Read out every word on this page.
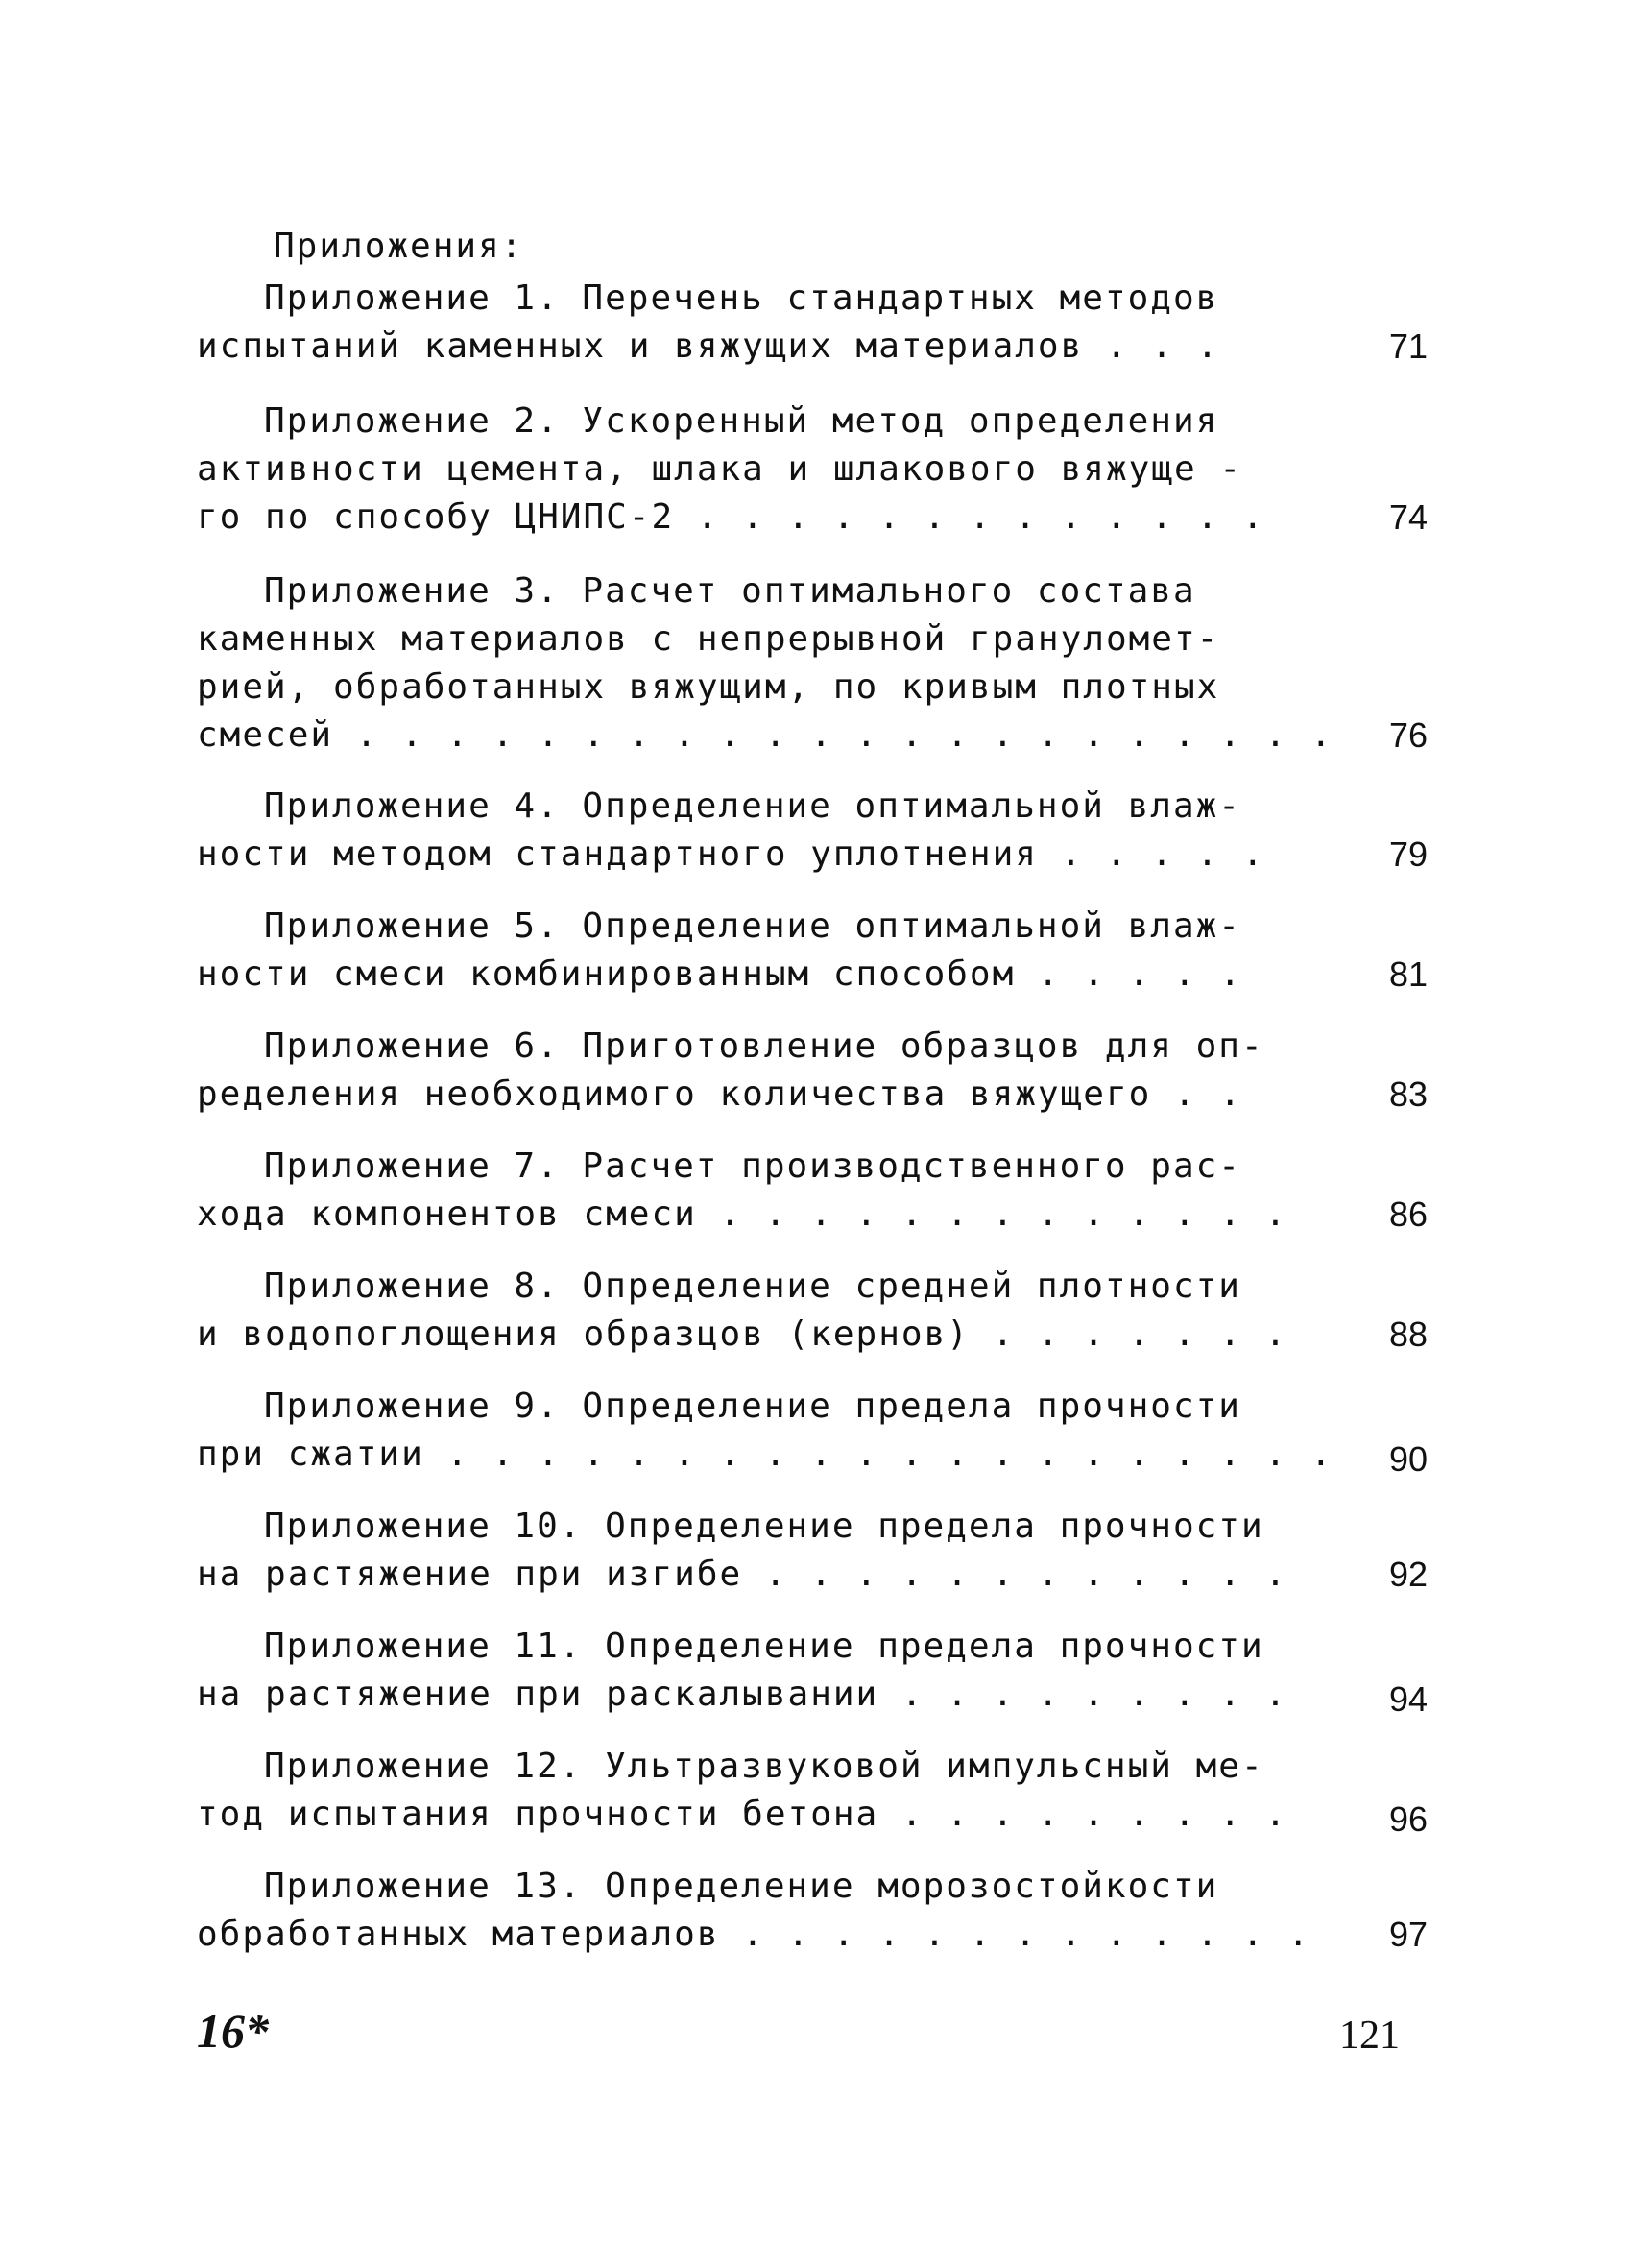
Приложения:
Приложение 1. Перечень стандартных методов
испытаний каменных и вяжущих материалов . . .	71
Приложение 2. Ускоренный метод определения
активности цемента, шлака и шлакового вяжуще -
го по способу ЦНИПС-2 . . . . . . . . . . . . .	74
Приложение 3. Расчет оптимального состава
каменных материалов с непрерывной грануломет-
рией, обработанных вяжущим, по кривым плотных
смесей . . . . . . . . . . . . . . . . . . . . . .	76
Приложение 4. Определение оптимальной влаж-
ности методом стандартного уплотнения . . . . .	79
Приложение 5. Определение оптимальной влаж-
ности смеси комбинированным способом . . . . .	81
Приложение 6. Приготовление образцов для оп-
ределения необходимого количества вяжущего . .	83
Приложение 7. Расчет производственного рас-
хода компонентов смеси . . . . . . . . . . . . .	86
Приложение 8. Определение средней плотности
и водопоглощения образцов (кернов) . . . . . . .	88
Приложение 9. Определение предела прочности
при сжатии . . . . . . . . . . . . . . . . . . . .	90
Приложение 10. Определение предела прочности
на растяжение при изгибе . . . . . . . . . . . .	92
Приложение 11. Определение предела прочности
на растяжение при раскалывании . . . . . . . . .	94
Приложение 12. Ультразвуковой импульсный ме-
тод испытания прочности бетона . . . . . . . . .	96
Приложение 13. Определение морозостойкости
обработанных материалов . . . . . . . . . . . . .	97
16*	121
